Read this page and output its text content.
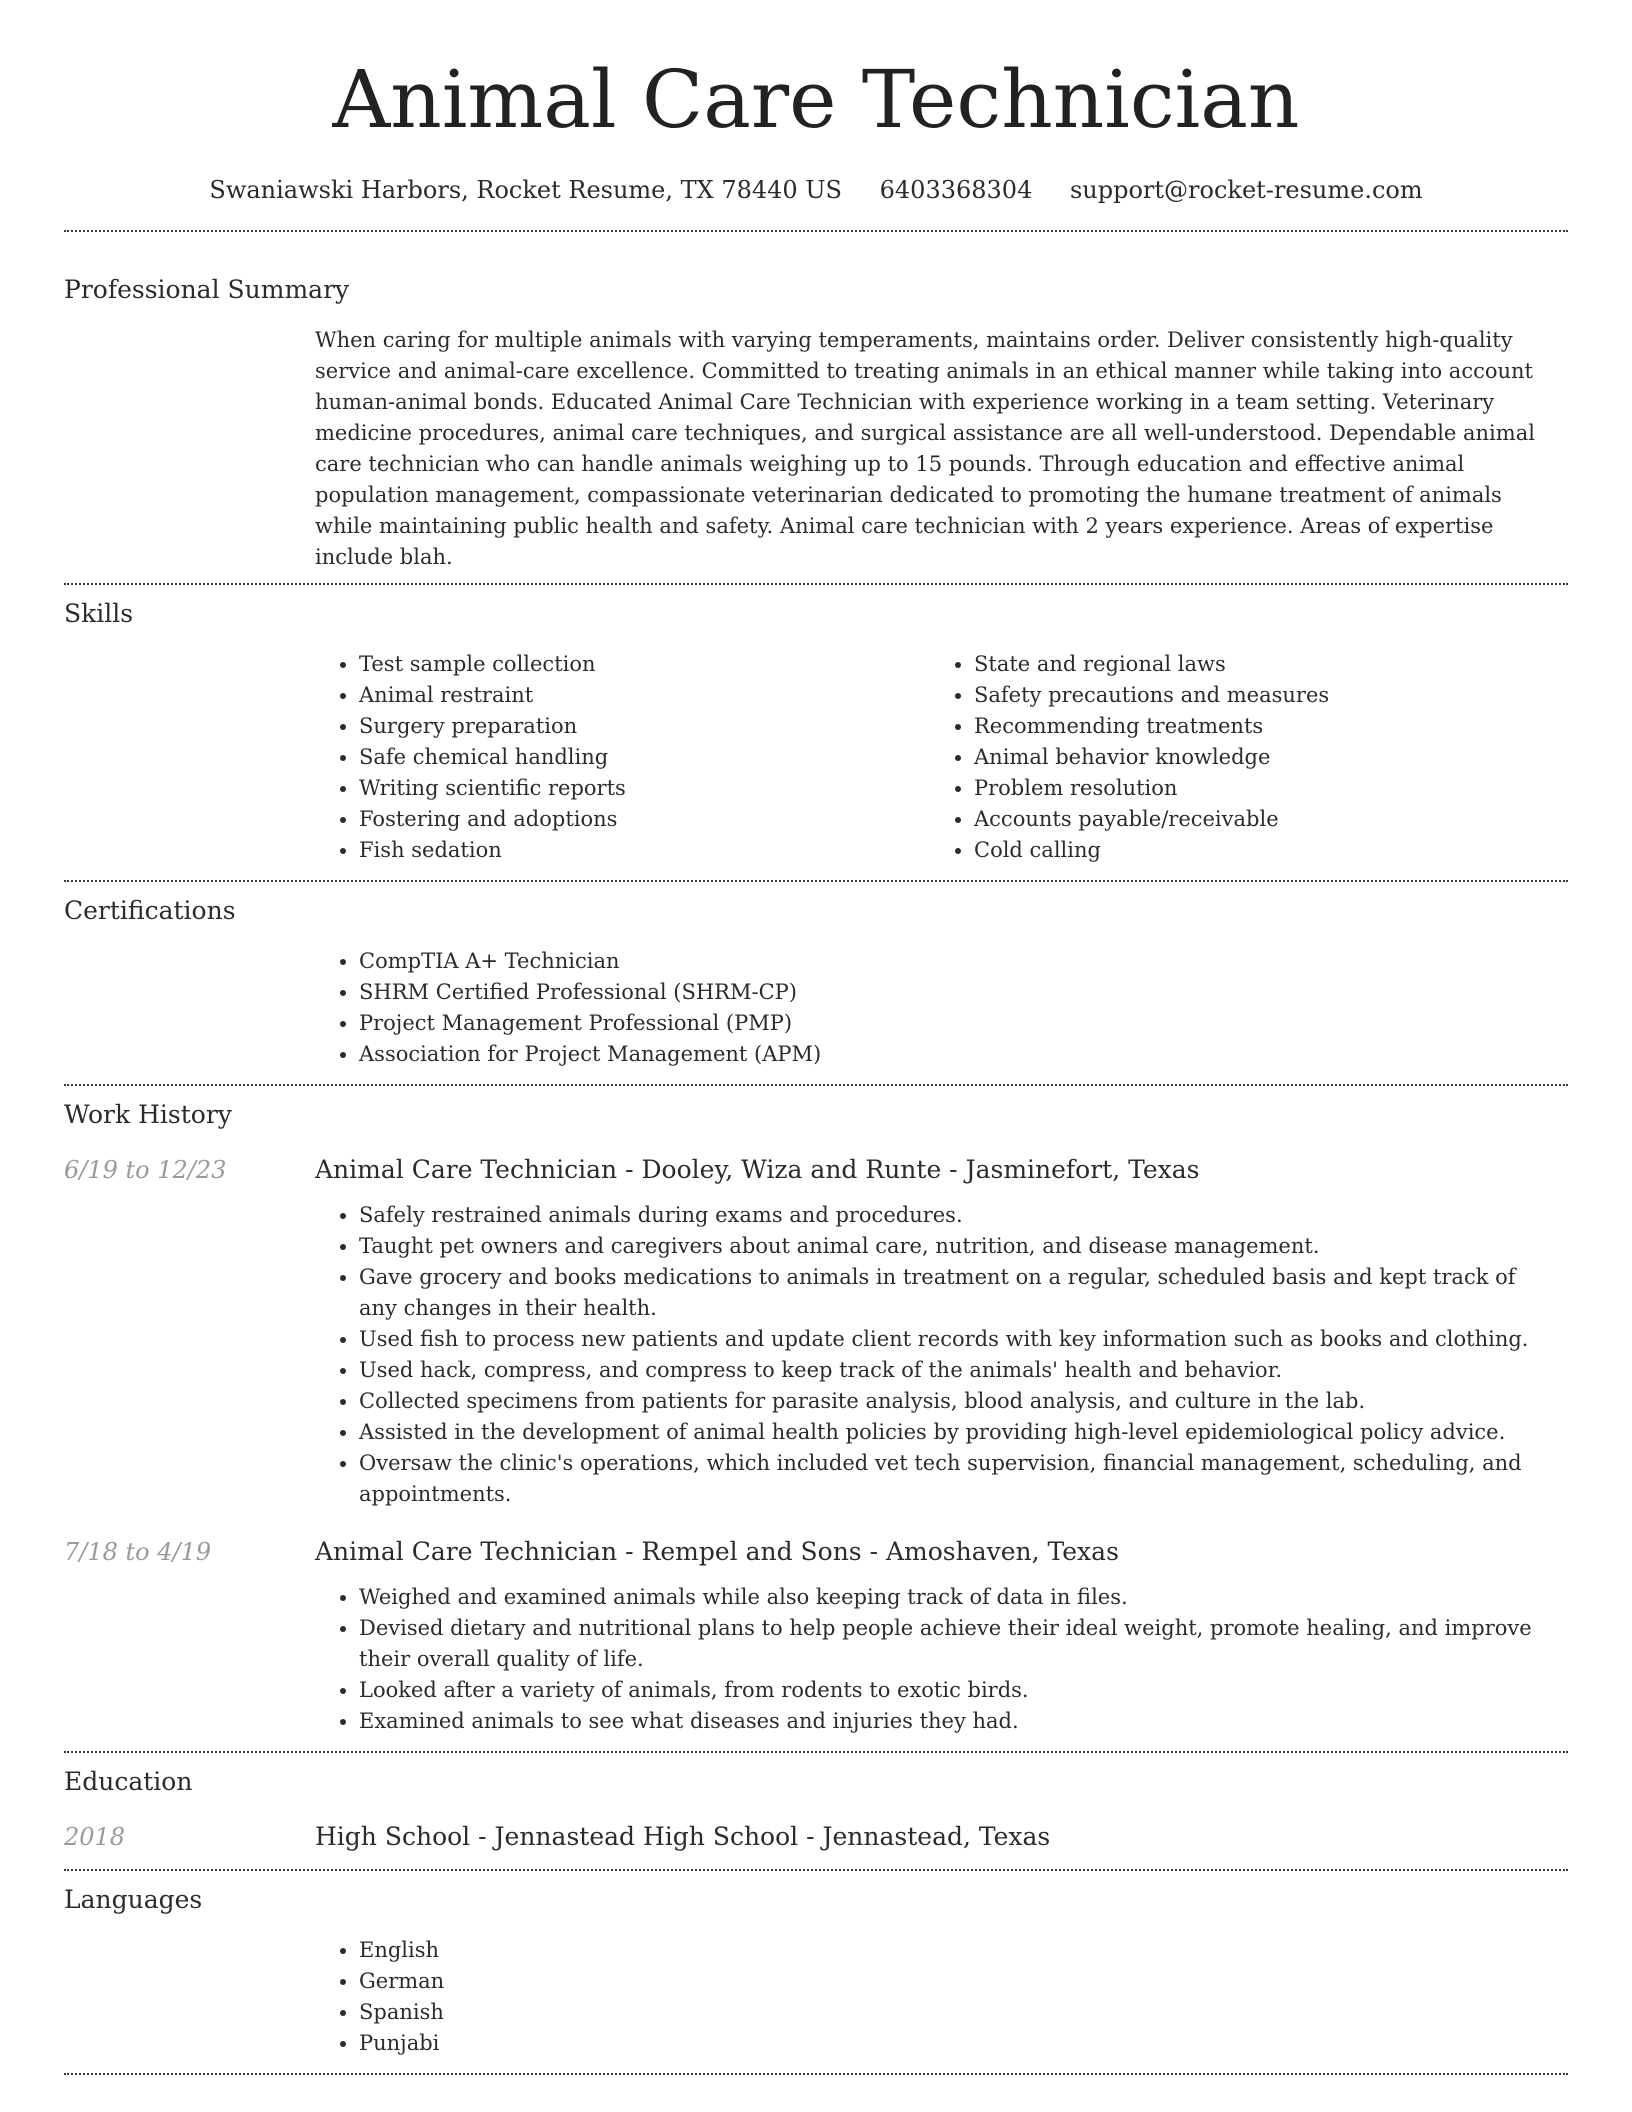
Animal Care Technician
Swaniawski Harbors, Rocket Resume, TX 78440 US 6403368304 support@rocket-resume.com
Professional Summary

When caring for multiple animals with varying temperaments, maintains order. Deliver consistently high-quality service and animal-care excellence. Committed to treating animals in an ethical manner while taking into account human-animal bonds. Educated Animal Care Technician with experience working in a team setting. Veterinary medicine procedures, animal care techniques, and surgical assistance are all well-understood. Dependable animal care technician who can handle animals weighing up to 15 pounds. Through education and effective animal population management, compassionate veterinarian dedicated to promoting the humane treatment of animals while maintaining public health and safety. Animal care technician with 2 years experience. Areas of expertise include blah.

Skills
• Test sample collection
• Animal restraint
• Surgery preparation
• Safe chemical handling
• Writing scientific reports
• Fostering and adoptions
• Fish sedation
• State and regional laws
• Safety precautions and measures
• Recommending treatments
• Animal behavior knowledge
• Problem resolution
• Accounts payable/receivable
• Cold calling
Certifications
• CompTIA A+ Technician
• SHRM Certified Professional (SHRM-CP)
• Project Management Professional (PMP)
• Association for Project Management (APM)
Work History
6/19 to 12/23	Animal Care Technician - Dooley, Wiza and Runte - Jasminefort, Texas
• Safely restrained animals during exams and procedures.
• Taught pet owners and caregivers about animal care, nutrition, and disease management.
• Gave grocery and books medications to animals in treatment on a regular, scheduled basis and kept track of any changes in their health.
• Used fish to process new patients and update client records with key information such as books and clothing.
• Used hack, compress, and compress to keep track of the animals' health and behavior.
• Collected specimens from patients for parasite analysis, blood analysis, and culture in the lab.
• Assisted in the development of animal health policies by providing high-level epidemiological policy advice.
• Oversaw the clinic's operations, which included vet tech supervision, financial management, scheduling, and appointments.
7/18 to 4/19	Animal Care Technician - Rempel and Sons - Amoshaven, Texas
• Weighed and examined animals while also keeping track of data in files.
• Devised dietary and nutritional plans to help people achieve their ideal weight, promote healing, and improve their overall quality of life.
• Looked after a variety of animals, from rodents to exotic birds.
• Examined animals to see what diseases and injuries they had.
Education
2018	High School - Jennastead High School - Jennastead, Texas
Languages
• English
• German
• Spanish
• Punjabi
